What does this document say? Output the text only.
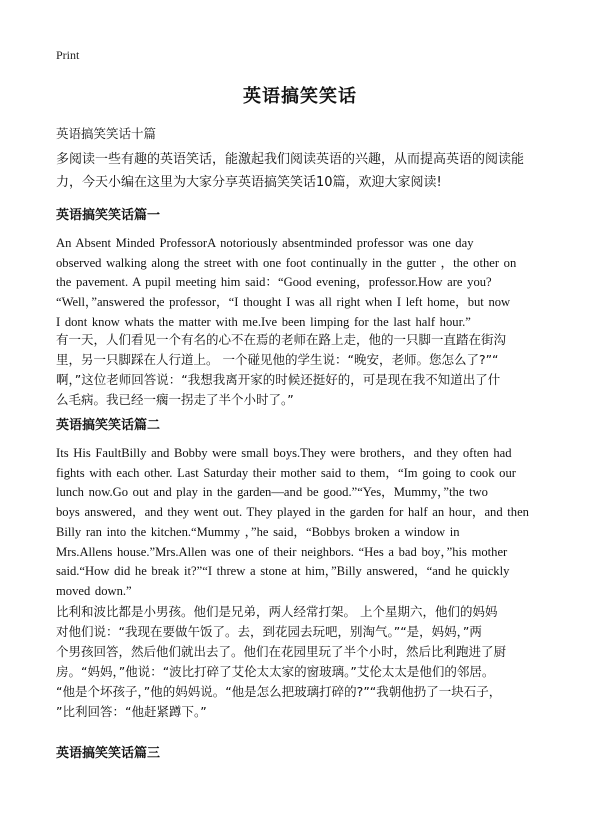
Print
英语搞笑笑话
英语搞笑笑话十篇
多阅读一些有趣的英语笑话，能激起我们阅读英语的兴趣，从而提高英语的阅读能力，今天小编在这里为大家分享英语搞笑笑话10篇，欢迎大家阅读!
英语搞笑笑话篇一
An Absent Minded ProfessorA notoriously absentminded professor was one day
observed walking along the street with one foot continually in the gutter ，the other on
the pavement. A pupil meeting him said：“Good evening，professor.How are you?
“Well，”answered the professor，“I thought I was all right when I left home，but now
I dont know whats the matter with me.Ive been limping for the last half hour.”
有一天，人们看见一个有名的心不在焉的老师在路上走，他的一只脚一直踏在街沟
里，另一只脚踩在人行道上。 一个碰见他的学生说：“晚安，老师。您怎么了?”“
啊，”这位老师回答说：“我想我离开家的时候还挺好的，可是现在我不知道出了什
么毛病。我已经一瘸一拐走了半个小时了。”
英语搞笑笑话篇二
Its His FaultBilly and Bobby were small boys.They were brothers，and they often had
fights with each other. Last Saturday their mother said to them，“Im going to cook our
lunch now.Go out and play in the garden—and be good.”“Yes，Mummy，”the two
boys answered，and they went out. They played in the garden for half an hour，and then
Billy ran into the kitchen.“Mummy ，”he said，“Bobbys broken a window in
Mrs.Allens house.”Mrs.Allen was one of their neighbors. “Hes a bad boy，”his mother
said.“How did he break it?”“I threw a stone at him，”Billy answered，“and he quickly
moved down.”
比利和波比都是小男孩。他们是兄弟，两人经常打架。 上个星期六，他们的妈妈
对他们说：“我现在要做午饭了。去，到花园去玩吧，别淘气。”“是，妈妈，”两
个男孩回答，然后他们就出去了。他们在花园里玩了半个小时，然后比利跑进了厨
房。“妈妈，”他说：“波比打碎了艾伦太太家的窗玻璃。”艾伦太太是他们的邻居。
“他是个坏孩子，”他的妈妈说。“他是怎么把玻璃打碎的?”“我朝他扔了一块石子，
”比利回答：“他赶紧蹲下。”
英语搞笑笑话篇三
